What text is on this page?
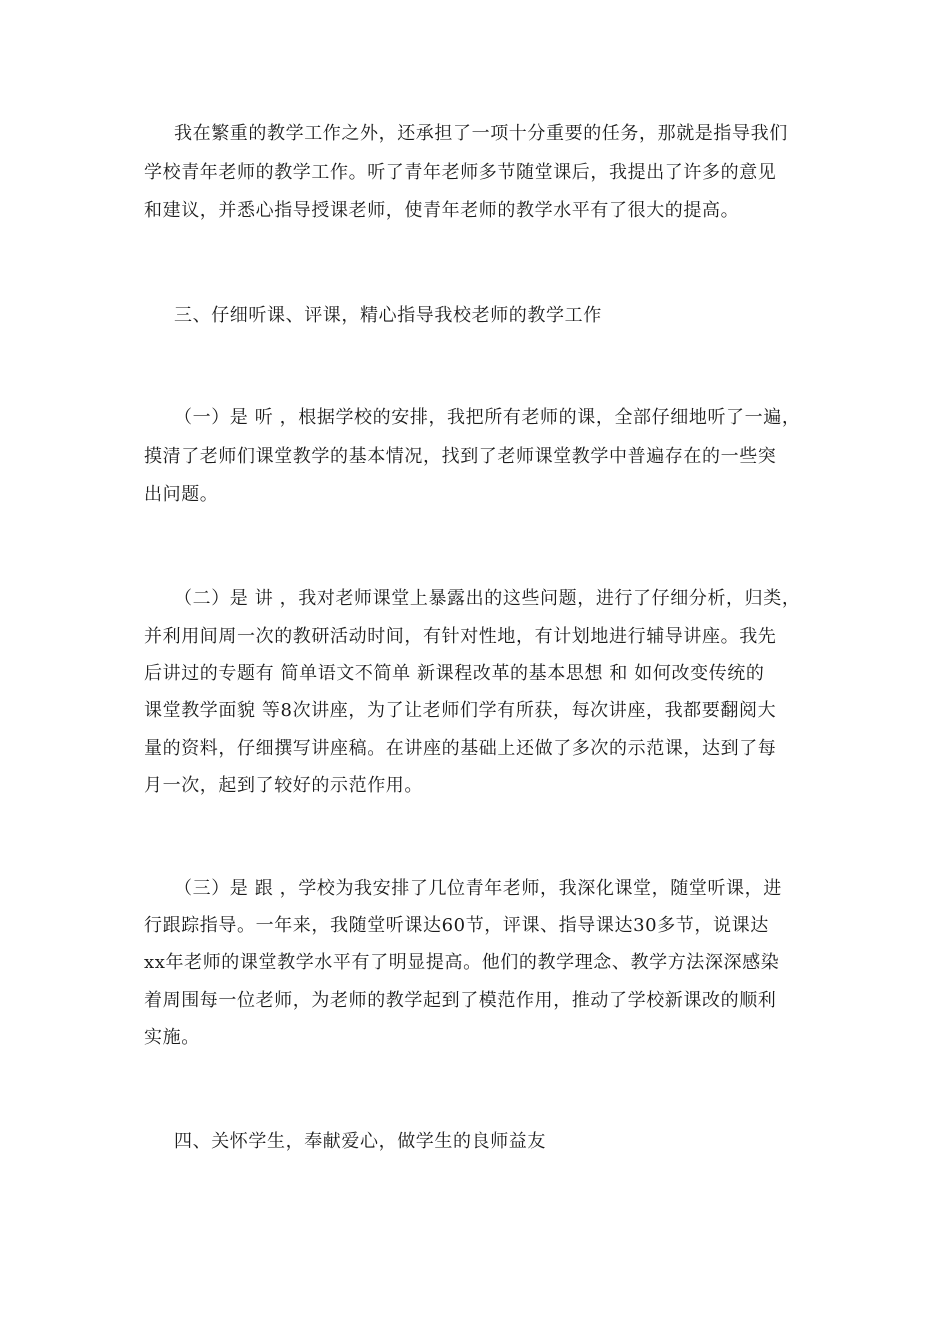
我在繁重的教学工作之外，还承担了一项十分重要的任务，那就是指导我们
学校青年老师的教学工作。听了青年老师多节随堂课后，我提出了许多的意见
和建议，并悉心指导授课老师，使青年老师的教学水平有了很大的提高。
三、仔细听课、评课，精心指导我校老师的教学工作
（一）是 听 ，根据学校的安排，我把所有老师的课，全部仔细地听了一遍，
摸清了老师们课堂教学的基本情况，找到了老师课堂教学中普遍存在的一些突
出问题。
（二）是 讲 ，我对老师课堂上暴露出的这些问题，进行了仔细分析，归类，
并利用间周一次的教研活动时间，有针对性地，有计划地进行辅导讲座。我先
后讲过的专题有 简单语文不简单 新课程改革的基本思想 和 如何改变传统的
课堂教学面貌 等8次讲座，为了让老师们学有所获，每次讲座，我都要翻阅大
量的资料，仔细撰写讲座稿。在讲座的基础上还做了多次的示范课，达到了每
月一次，起到了较好的示范作用。
（三）是 跟 ，学校为我安排了几位青年老师，我深化课堂，随堂听课，进
行跟踪指导。一年来，我随堂听课达60节，评课、指导课达30多节，说课达
xx年老师的课堂教学水平有了明显提高。他们的教学理念、教学方法深深感染
着周围每一位老师，为老师的教学起到了模范作用，推动了学校新课改的顺利
实施。
四、关怀学生，奉献爱心，做学生的良师益友
